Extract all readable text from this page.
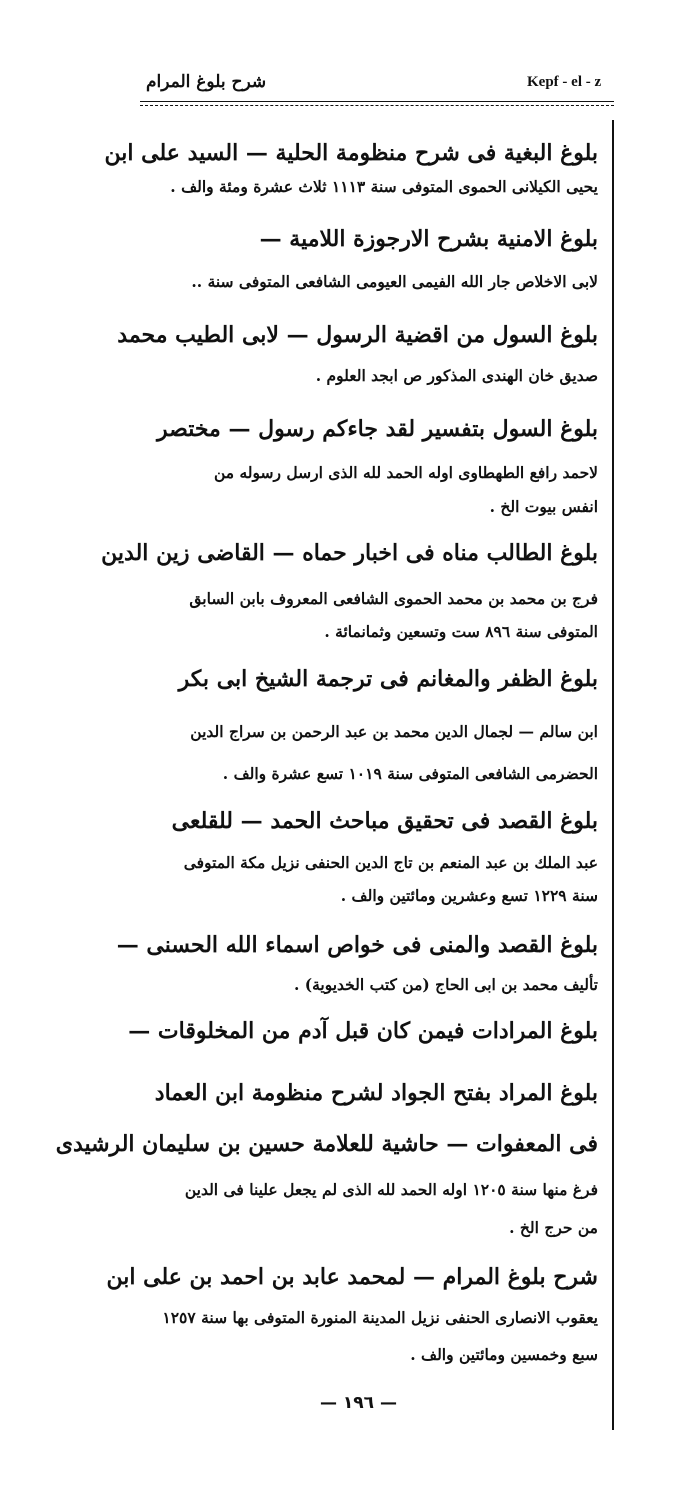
شرح بلوغ المرام	Kepf - el - z
بلوغ البغية فى شرح منظومة الحلية — السيد على ابن
يحيى الكيلانى الحموى المتوفى سنة ١١١٣ ثلاث عشرة ومئة والف .
بلوغ الامنية بشرح الارجوزة اللامية —
لابى الاخلاص جار الله الفيمى العيومى الشافعى المتوفى سنة ..
بلوغ السول من اقضية الرسول — لابى الطيب محمد
صديق خان الهندى المذكور ص ابجد العلوم .
بلوغ السول بتفسير لقد جاءكم رسول — مختصر
لاحمد رافع الطهطاوى اوله الحمد لله الذى ارسل رسوله من
انفس بيوت الخ .
بلوغ الطالب مناه فى اخبار حماه — القاضى زين الدين
فرج بن محمد بن محمد الحموى الشافعى المعروف بابن السابق
المتوفى سنة ٨٩٦ ست وتسعين وثمانمائة .
بلوغ الظفر والمغانم فى ترجمة الشيخ ابى بكر
ابن سالم — لجمال الدين محمد بن عبد الرحمن بن سراج الدين
الحضرمى الشافعى المتوفى سنة ١٠١٩ تسع عشرة والف .
بلوغ القصد فى تحقيق مباحث الحمد — للقلعى
عبد الملك بن عبد المنعم بن تاج الدين الحنفى نزيل مكة المتوفى
سنة ١٢٢٩ تسع وعشرين ومائتين والف .
بلوغ القصد والمنى فى خواص اسماء الله الحسنى —
تأليف محمد بن ابى الحاج (من كتب الخديوية) .
بلوغ المرادات فيمن كان قبل آدم من المخلوقات —
بلوغ المراد بفتح الجواد لشرح منظومة ابن العماد
فى المعفوات — حاشية للعلامة حسين بن سليمان الرشيدى
فرغ منها سنة ١٢٠٥ اوله الحمد لله الذى لم يجعل علينا فى الدين
من حرج الخ .
شرح بلوغ المرام — لمحمد عابد بن احمد بن على ابن
يعقوب الانصارى الحنفى نزيل المدينة المنورة المتوفى بها سنة ١٢٥٧
سبع وخمسين ومائتين والف .
— ١٩٦ —
